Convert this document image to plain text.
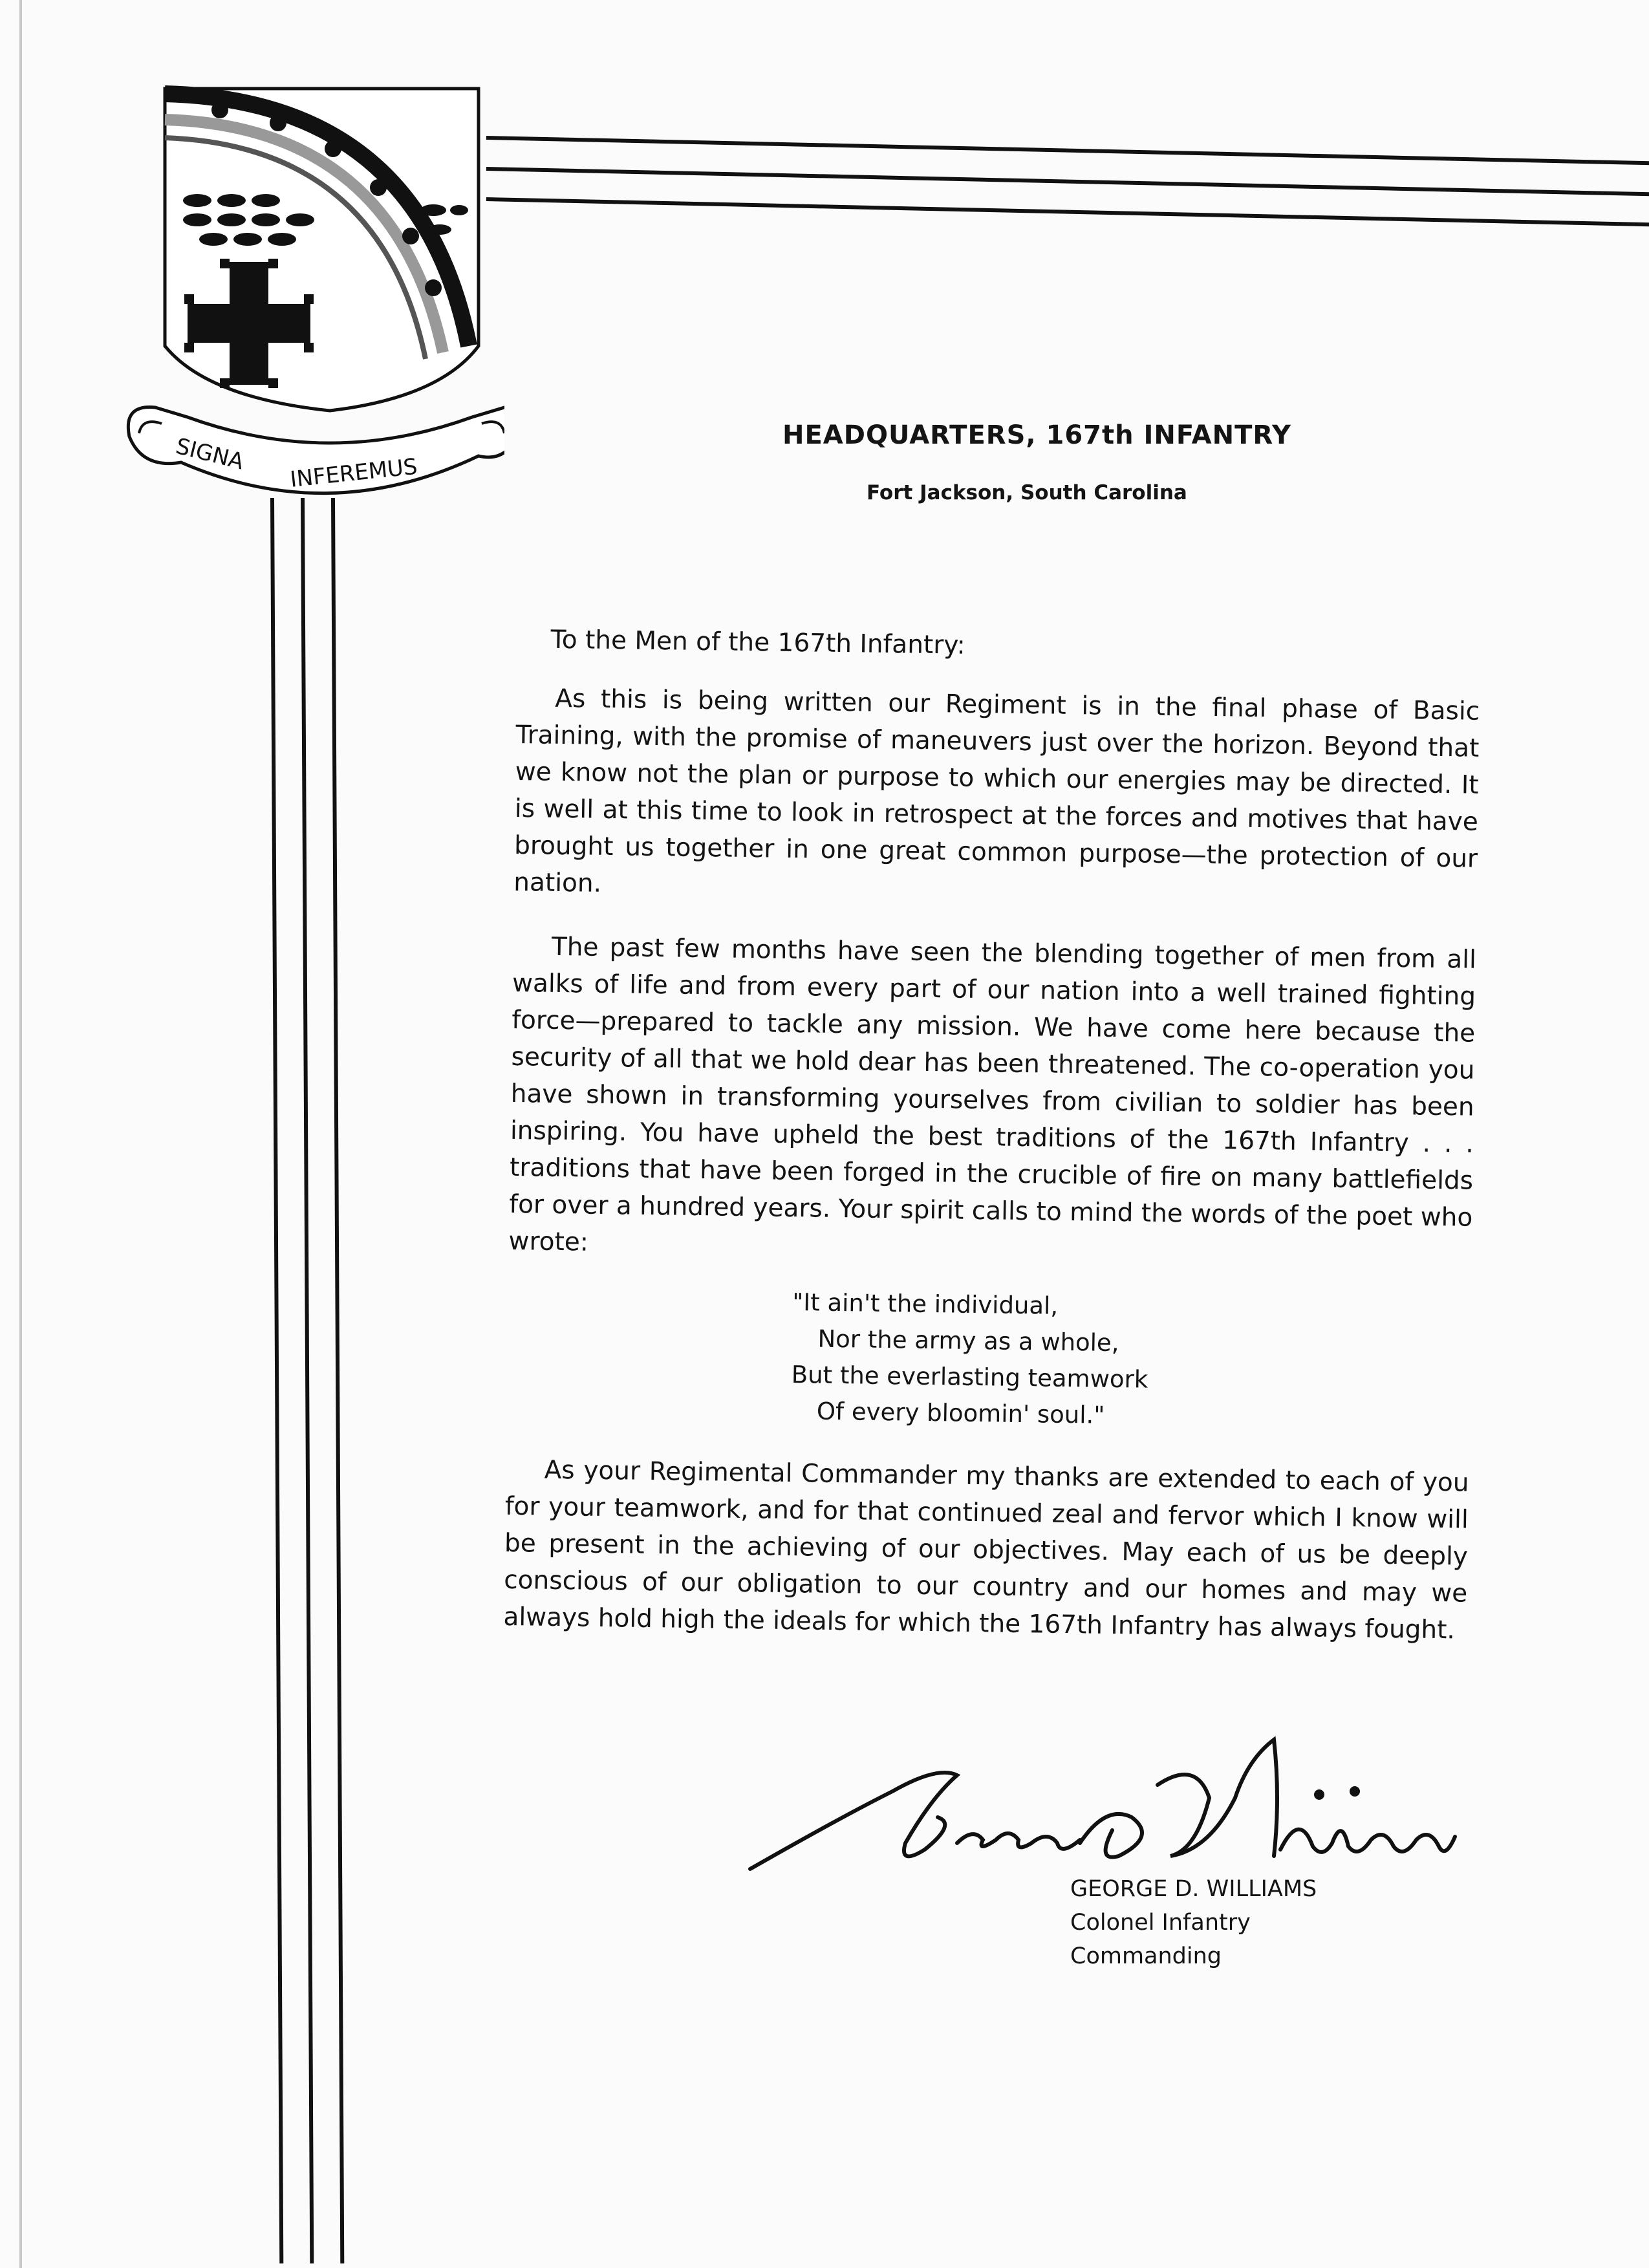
SIGNA INFEREMUS
HEADQUARTERS, 167th INFANTRY
Fort Jackson, South Carolina
To the Men of the 167th Infantry:
As this is being written our Regiment is in the final phase of Basic Training, with the promise of maneuvers just over the horizon. Beyond that we know not the plan or purpose to which our energies may be directed. It is well at this time to look in retrospect at the forces and motives that have brought us together in one great common purpose—the protection of our nation.
The past few months have seen the blending together of men from all walks of life and from every part of our nation into a well trained fighting force—prepared to tackle any mission. We have come here because the security of all that we hold dear has been threatened. The co-operation you have shown in transforming yourselves from civilian to soldier has been inspiring. You have upheld the best traditions of the 167th Infantry . . . traditions that have been forged in the crucible of fire on many battlefields for over a hundred years. Your spirit calls to mind the words of the poet who wrote:
"It ain't the individual,
Nor the army as a whole,
But the everlasting teamwork
Of every bloomin' soul."
As your Regimental Commander my thanks are extended to each of you for your teamwork, and for that continued zeal and fervor which I know will be present in the achieving of our objectives. May each of us be deeply conscious of our obligation to our country and our homes and may we always hold high the ideals for which the 167th Infantry has always fought.
GEORGE D. WILLIAMS
Colonel Infantry
Commanding
